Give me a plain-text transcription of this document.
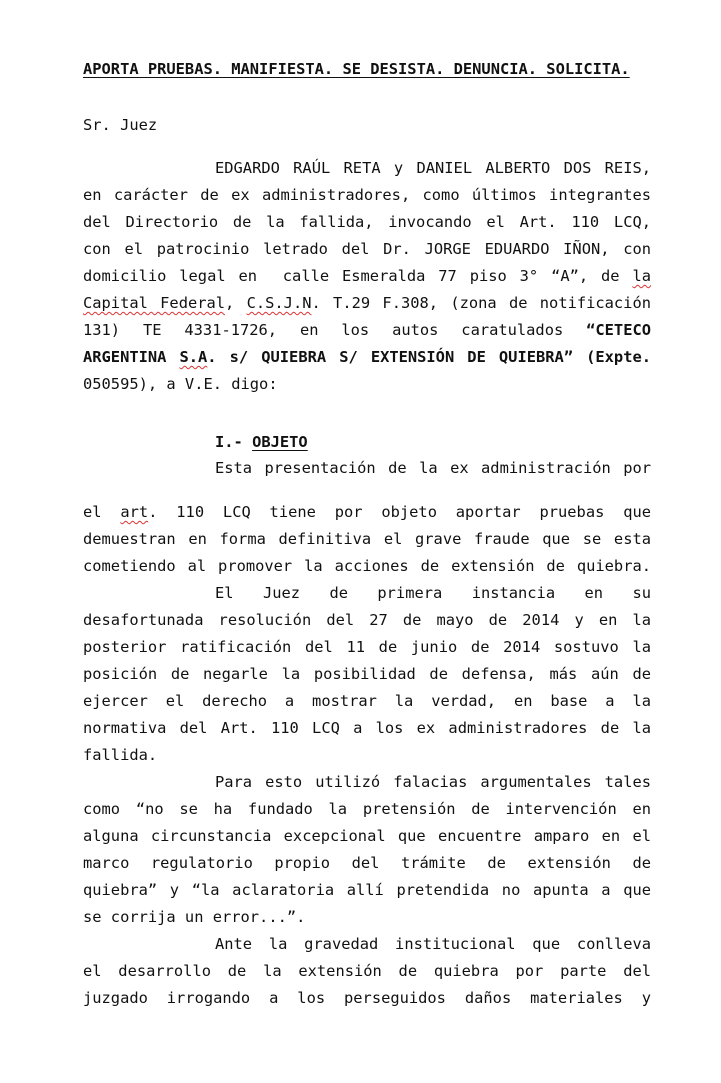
APORTA PRUEBAS. MANIFIESTA. SE DESISTA. DENUNCIA. SOLICITA.
Sr. Juez
EDGARDO RAÚL RETA y DANIEL ALBERTO DOS REIS,
en carácter de ex administradores, como últimos integrantes
del Directorio de la fallida, invocando el Art. 110 LCQ,
con el patrocinio letrado del Dr. JORGE EDUARDO IÑON, con
domicilio legal en  calle Esmeralda 77 piso 3° “A”, de la
Capital Federal, C.S.J.N. T.29 F.308, (zona de notificación
131) TE 4331-1726, en los autos caratulados “CETECO
ARGENTINA S.A. s/ QUIEBRA S/ EXTENSIÓN DE QUIEBRA” (Expte.
050595), a V.E. digo:
I.- OBJETO
Esta presentación de la ex administración por
el art. 110 LCQ tiene por objeto aportar pruebas que
demuestran en forma definitiva el grave fraude que se esta
cometiendo al promover la acciones de extensión de quiebra.
El Juez de primera instancia en su
desafortunada resolución del 27 de mayo de 2014 y en la
posterior ratificación del 11 de junio de 2014 sostuvo la
posición de negarle la posibilidad de defensa, más aún de
ejercer el derecho a mostrar la verdad, en base a la
normativa del Art. 110 LCQ a los ex administradores de la
fallida.
Para esto utilizó falacias argumentales tales
como “no se ha fundado la pretensión de intervención en
alguna circunstancia excepcional que encuentre amparo en el
marco regulatorio propio del trámite de extensión de
quiebra” y “la aclaratoria allí pretendida no apunta a que
se corrija un error...”.
Ante la gravedad institucional que conlleva
el desarrollo de la extensión de quiebra por parte del
juzgado irrogando a los perseguidos daños materiales y
